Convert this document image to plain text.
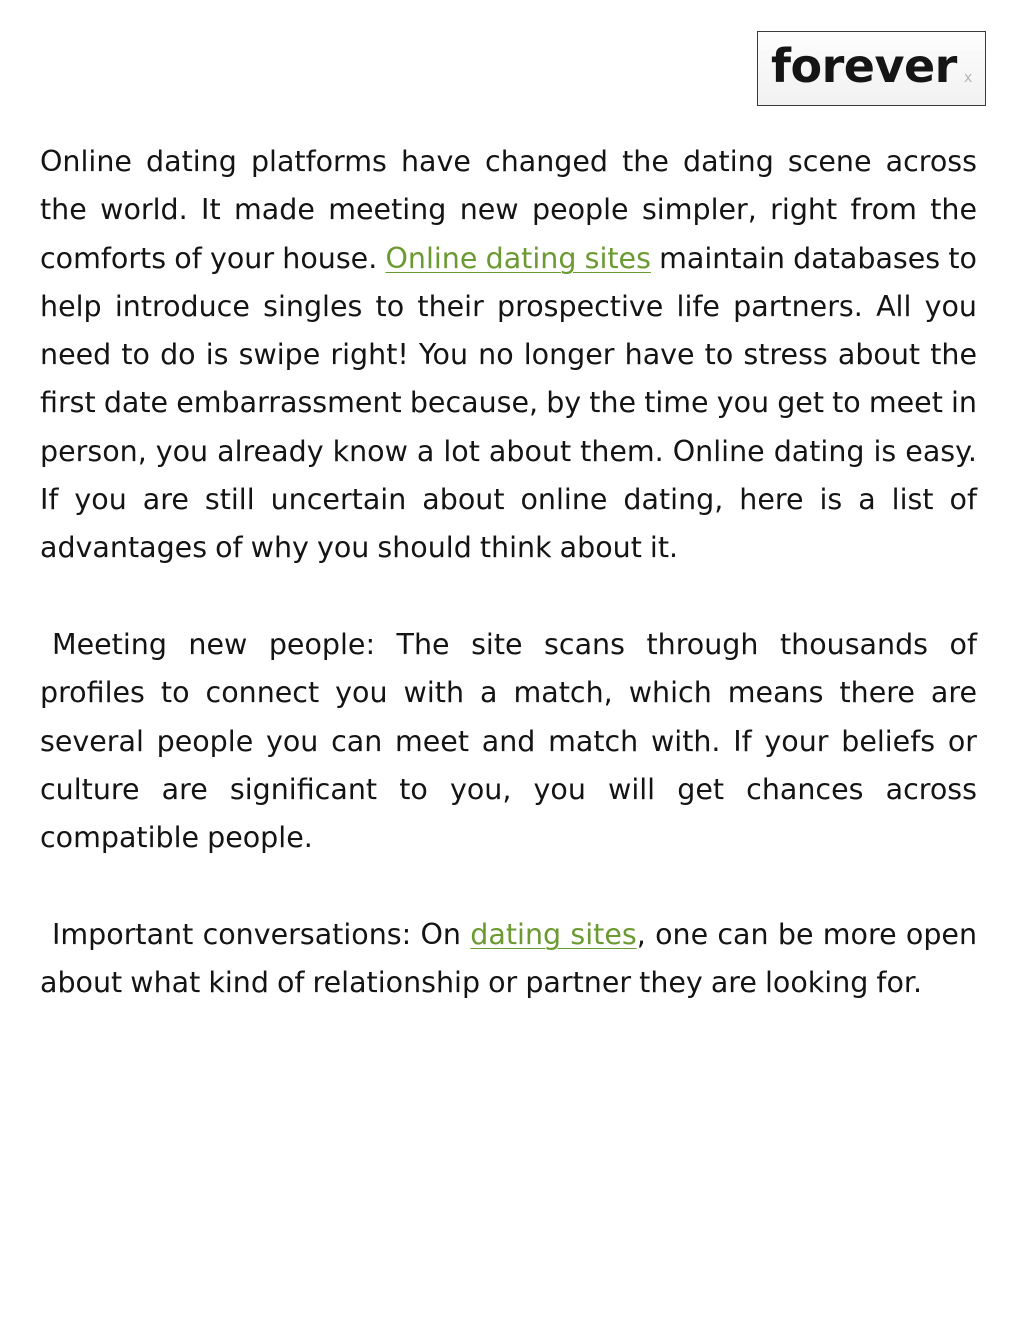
forever x

Online dating platforms have changed the dating scene across the world. It made meeting new people simpler, right from the comforts of your house. Online dating sites maintain databases to help introduce singles to their prospective life partners. All you need to do is swipe right! You no longer have to stress about the first date embarrassment because, by the time you get to meet in person, you already know a lot about them. Online dating is easy. If you are still uncertain about online dating, here is a list of advantages of why you should think about it.

Meeting new people: The site scans through thousands of profiles to connect you with a match, which means there are several people you can meet and match with. If your beliefs or culture are significant to you, you will get chances across compatible people.

Important conversations: On dating sites, one can be more open about what kind of relationship or partner they are looking for.
